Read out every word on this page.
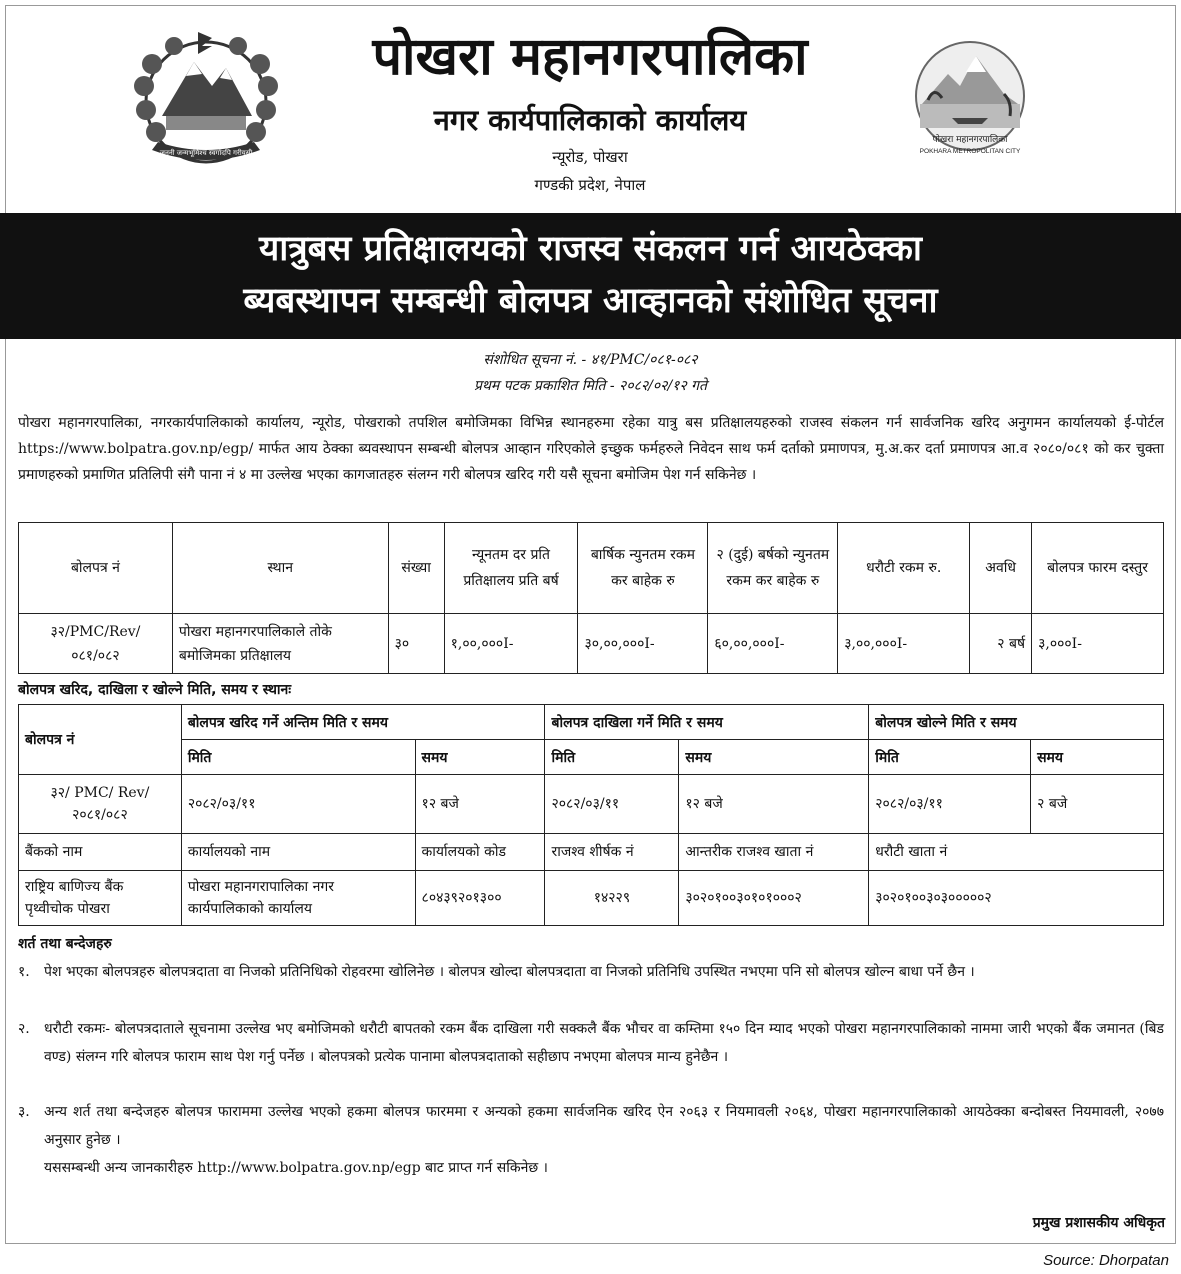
जननी जन्मभूमिश्च स्वर्गादपि गरीयसी
पोखरा महानगरपालिका
नगर कार्यपालिकाको कार्यालय
न्यूरोड, पोखरा
गण्डकी प्रदेश, नेपाल
पोखरा महानगरपालिका
POKHARA METROPOLITAN CITY
यात्रुबस प्रतिक्षालयको राजस्व संकलन गर्न आयठेक्का
ब्यबस्थापन सम्बन्धी बोलपत्र आव्हानको संशोधित सूचना
संशोधित सूचना नं. - ४१/PMC/०८१-०८२
प्रथम पटक प्रकाशित मिति - २०८२/०२/१२ गते
पोखरा महानगरपालिका, नगरकार्यपालिकाको कार्यालय, न्यूरोड, पोखराको तपशिल बमोजिमका विभिन्न स्थानहरुमा रहेका यात्रु बस प्रतिक्षालयहरुको राजस्व संकलन गर्न सार्वजनिक खरिद अनुगमन कार्यालयको ई-पोर्टल https://www.bolpatra.gov.np/egp/ मार्फत आय ठेक्का ब्यवस्थापन सम्बन्धी बोलपत्र आव्हान गरिएकोले इच्छुक फर्महरुले निवेदन साथ फर्म दर्ताको प्रमाणपत्र, मु.अ.कर दर्ता प्रमाणपत्र आ.व २०८०/०८१ को कर चुक्ता प्रमाणहरुको प्रमाणित प्रतिलिपी संगै पाना नं ४ मा उल्लेख भएका कागजातहरु संलग्न गरी बोलपत्र खरिद गरी यसै सूचना बमोजिम पेश गर्न सकिनेछ ।
बोलपत्र नं	स्थान	संख्या	न्यूनतम दर प्रति प्रतिक्षालय प्रति बर्ष	बार्षिक न्युनतम रकम कर बाहेक रु	२ (दुई) बर्षको न्युनतम रकम कर बाहेक रु	धरौटी रकम रु.	अवधि	बोलपत्र फारम दस्तुर
३२/PMC/Rev/ ०८१/०८२	पोखरा महानगरपालिकाले तोके बमोजिमका प्रतिक्षालय	३०	१,००,०००I-	३०,००,०००I-	६०,००,०००I-	३,००,०००I-	२ बर्ष	३,०००I-
बोलपत्र खरिद, दाखिला र खोल्ने मिति, समय र स्थानः
बोलपत्र नं	बोलपत्र खरिद गर्ने अन्तिम मिति र समय		बोलपत्र दाखिला गर्ने मिति र समय		बोलपत्र खोल्ने मिति र समय	
	मिति	समय	मिति	समय	मिति	समय
३२/ PMC/ Rev/२०८१/०८२	२०८२/०३/११	१२ बजे	२०८२/०३/११	१२ बजे	२०८२/०३/११	२ बजे
बैंकको नाम	कार्यालयको नाम	कार्यालयको कोड	राजश्व शीर्षक नं	आन्तरीक राजश्व खाता नं	धरौटी खाता नं	
राष्ट्रिय बाणिज्य बैंक पृथ्वीचोक पोखरा	पोखरा महानगरापालिका नगर कार्यपालिकाको कार्यालय	८०४३९२०१३००	१४२२९	३०२०१००३०१०१०००२	३०२०१००३०३०००००२	
शर्त तथा बन्देजहरु
१.	पेश भएका बोलपत्रहरु बोलपत्रदाता वा निजको प्रतिनिधिको रोहवरमा खोलिनेछ । बोलपत्र खोल्दा बोलपत्रदाता वा निजको प्रतिनिधि उपस्थित नभएमा पनि सो बोलपत्र खोल्न बाधा पर्ने छैन ।
२.	धरौटी रकमः- बोलपत्रदाताले सूचनामा उल्लेख भए बमोजिमको धरौटी बापतको रकम बैंक दाखिला गरी सक्कलै बैंक भौचर वा कम्तिमा १५० दिन म्याद भएको पोखरा महानगरपालिकाको नाममा जारी भएको बैंक जमानत (बिड वण्ड) संलग्न गरि बोलपत्र फाराम साथ पेश गर्नु पर्नेछ । बोलपत्रको प्रत्येक पानामा बोलपत्रदाताको सहीछाप नभएमा बोलपत्र मान्य हुनेछैन ।
३.	अन्य शर्त तथा बन्देजहरु बोलपत्र फाराममा उल्लेख भएको हकमा बोलपत्र फारममा र अन्यको हकमा सार्वजनिक खरिद ऐन २०६३ र नियमावली २०६४, पोखरा महानगरपालिकाको आयठेक्का बन्दोबस्त नियमावली, २०७७ अनुसार हुनेछ ।
यससम्बन्धी अन्य जानकारीहरु http://www.bolpatra.gov.np/egp बाट प्राप्त गर्न सकिनेछ ।
प्रमुख प्रशासकीय अधिकृत
Source: Dhorpatan
